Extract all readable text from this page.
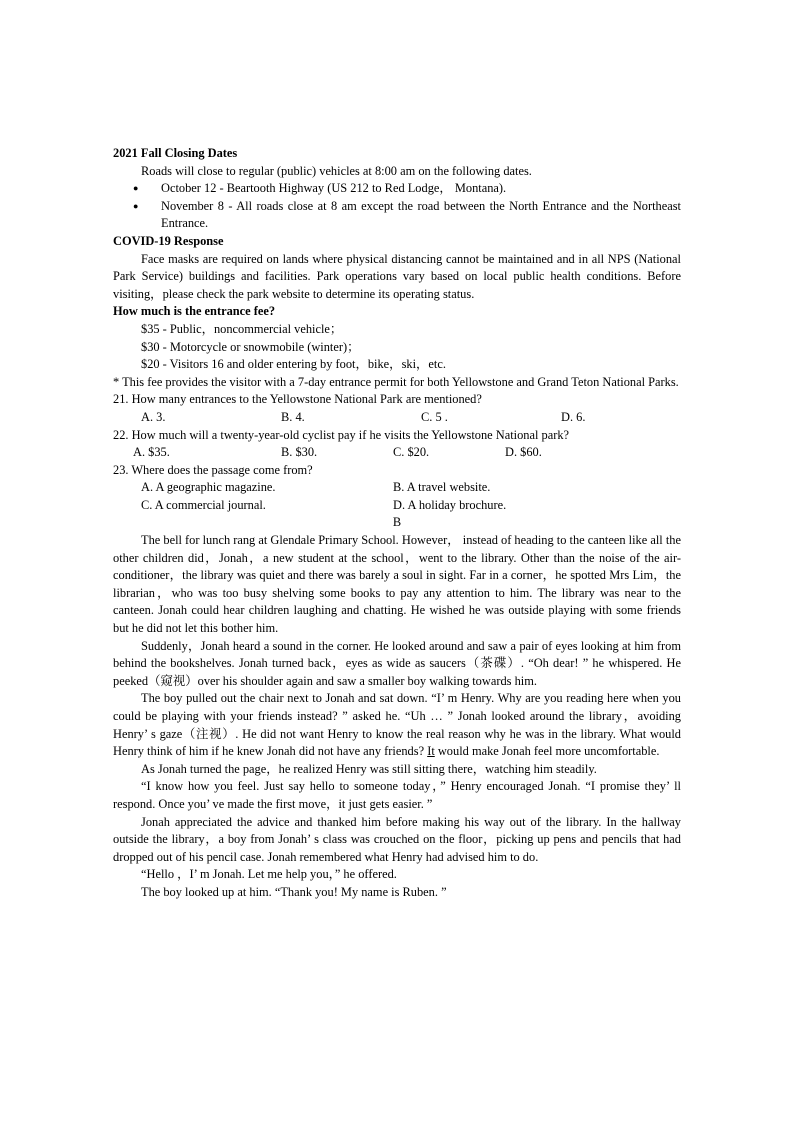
2021 Fall Closing Dates

Roads will close to regular (public) vehicles at 8:00 am on the following dates.

●	October 12 - Beartooth Highway (US 212 to Red Lodge， Montana).
●	November 8 - All roads close at 8 am except the road between the North Entrance and the Northeast Entrance.

COVID-19 Response

Face masks are required on lands where physical distancing cannot be maintained and in all NPS (National Park Service) buildings and facilities. Park operations vary based on local public health conditions. Before visiting，please check the park website to determine its operating status.

How much is the entrance fee?

$35 - Public，noncommercial vehicle；

$30 - Motorcycle or snowmobile (winter)；

$20 - Visitors 16 and older entering by foot，bike，ski，etc.

* This fee provides the visitor with a 7-day entrance permit for both Yellowstone and Grand Teton National Parks.

21. How many entrances to the Yellowstone National Park are mentioned?

A. 3.	B. 4.	C. 5 .	D. 6.

22. How much will a twenty-year-old cyclist pay if he visits the Yellowstone National park?

A. $35.	B. $30.	C. $20.	D. $60.

23. Where does the passage come from?

A. A geographic magazine.	B. A travel website.
C. A commercial journal.	D. A holiday brochure.

B

The bell for lunch rang at Glendale Primary School. However， instead of heading to the canteen like all the other children did，Jonah，a new student at the school，went to the library. Other than the noise of the air-conditioner，the library was quiet and there was barely a soul in sight. Far in a corner，he spotted Mrs Lim，the librarian，who was too busy shelving some books to pay any attention to him. The library was near to the canteen. Jonah could hear children laughing and chatting. He wished he was outside playing with some friends but he did not let this bother him.

Suddenly，Jonah heard a sound in the corner. He looked around and saw a pair of eyes looking at him from behind the bookshelves. Jonah turned back，eyes as wide as saucers（茶碟）. “Oh dear! ” he whispered. He peeked（窥视）over his shoulder again and saw a smaller boy walking towards him.

The boy pulled out the chair next to Jonah and sat down. “I’ m Henry. Why are you reading here when you could be playing with your friends instead? ” asked he. “Uh … ” Jonah looked around the library，avoiding Henry’ s gaze（注视）. He did not want Henry to know the real reason why he was in the library. What would Henry think of him if he knew Jonah did not have any friends? It would make Jonah feel more uncomfortable.

As Jonah turned the page，he realized Henry was still sitting there，watching him steadily.

“I know how you feel. Just say hello to someone today，” Henry encouraged Jonah. “I promise they’ ll respond. Once you’ ve made the first move，it just gets easier. ”

Jonah appreciated the advice and thanked him before making his way out of the library. In the hallway outside the library，a boy from Jonah’ s class was crouched on the floor，picking up pens and pencils that had dropped out of his pencil case. Jonah remembered what Henry had advised him to do.

“Hello ，I’ m Jonah. Let me help you，” he offered.

The boy looked up at him. “Thank you! My name is Ruben. ”
